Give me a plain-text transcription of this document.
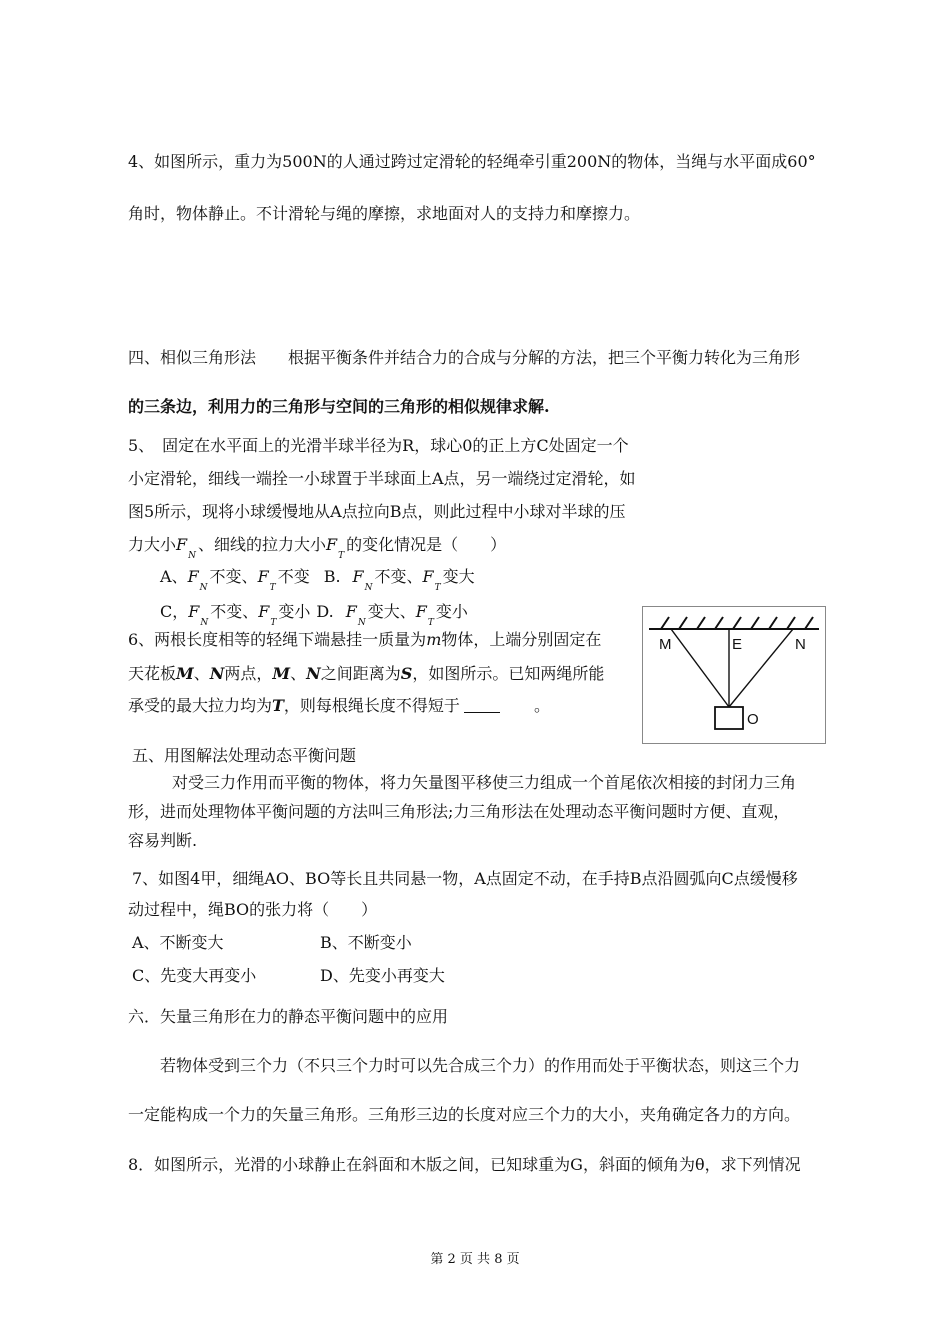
4、如图所示，重力为500N的人通过跨过定滑轮的轻绳牵引重200N的物体，当绳与水平面成60°
角时，物体静止。不计滑轮与绳的摩擦，求地面对人的支持力和摩擦力。
四、相似三角形法　　根据平衡条件并结合力的合成与分解的方法，把三个平衡力转化为三角形
的三条边，利用力的三角形与空间的三角形的相似规律求解.
5、　固定在水平面上的光滑半球半径为R，球心0的正上方C处固定一个
小定滑轮，细线一端拴一小球置于半球面上A点，另一端绕过定滑轮，如
图5所示，现将小球缓慢地从A点拉向B点，则此过程中小球对半球的压
力大小$F_N$、细线的拉力大小$F_T$的变化情况是（　　）
A、$F_N$不变、$F_T$不变 B. $F_N$不变、$F_T$变大
C，$F_N$不变、$F_T$变小 D. $F_N$变大、$F_T$变小
6、两根长度相等的轻绳下端悬挂一质量为m物体，上端分别固定在
天花板M、N两点，M、N之间距离为S，如图所示。已知两绳所能
承受的最大拉力均为T，则每根绳长度不得短于	。
M	E	N
O
五、用图解法处理动态平衡问题
对受三力作用而平衡的物体，将力矢量图平移使三力组成一个首尾依次相接的封闭力三角
形，进而处理物体平衡问题的方法叫三角形法;力三角形法在处理动态平衡问题时方便、直观，
容易判断.
7、如图4甲，细绳AO、BO等长且共同悬一物，A点固定不动，在手持B点沿圆弧向C点缓慢移
动过程中，绳BO的张力将（　　）
A、不断变大	B、不断变小
C、先变大再变小	D、先变小再变大
六．矢量三角形在力的静态平衡问题中的应用
若物体受到三个力（不只三个力时可以先合成三个力）的作用而处于平衡状态，则这三个力
一定能构成一个力的矢量三角形。三角形三边的长度对应三个力的大小，夹角确定各力的方向。
8．如图所示，光滑的小球静止在斜面和木版之间，已知球重为G，斜面的倾角为θ，求下列情况
第 2 页 共 8 页
